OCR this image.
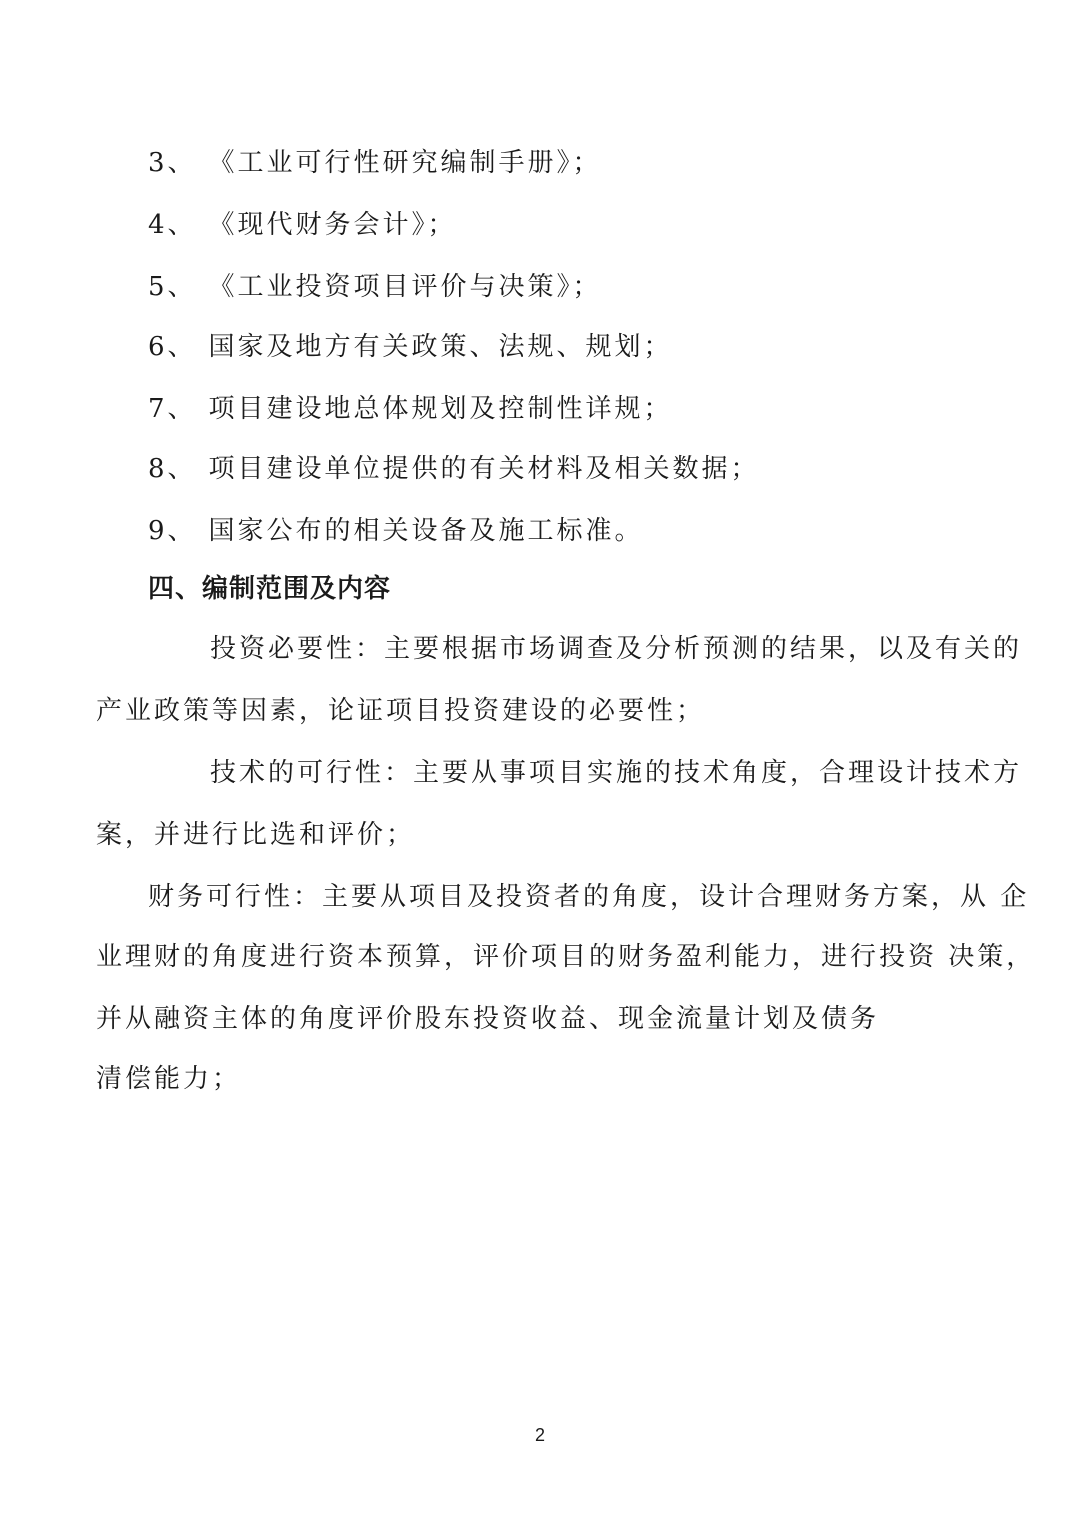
3、 《工业可行性研究编制手册》；
4、 《现代财务会计》；
5、 《工业投资项目评价与决策》；
6、 国家及地方有关政策、法规、规划；
7、 项目建设地总体规划及控制性详规；
8、 项目建设单位提供的有关材料及相关数据；
9、 国家公布的相关设备及施工标准。
四、编制范围及内容
投资必要性：主要根据市场调查及分析预测的结果，以及有关的
产业政策等因素，论证项目投资建设的必要性；
技术的可行性：主要从事项目实施的技术角度，合理设计技术方
案，并进行比选和评价；
财务可行性：主要从项目及投资者的角度，设计合理财务方案，从 企
业理财的角度进行资本预算，评价项目的财务盈利能力，进行投资 决策，
并从融资主体的角度评价股东投资收益、现金流量计划及债务
清偿能力；
2
